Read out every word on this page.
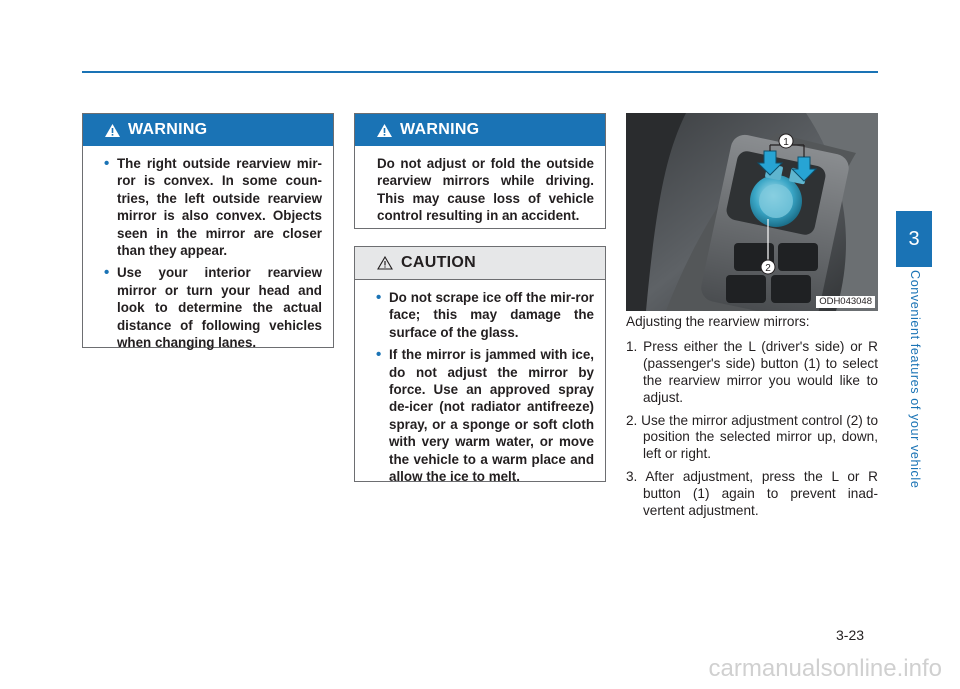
WARNING
• The right outside rearview mir-ror is convex. In some coun-tries, the left outside rearview mirror is also convex. Objects seen in the mirror are closer than they appear.
• Use your interior rearview mirror or turn your head and look to determine the actual distance of following vehicles when changing lanes.
WARNING
Do not adjust or fold the outside rearview mirrors while driving. This may cause loss of vehicle control resulting in an accident.
CAUTION
• Do not scrape ice off the mir-ror face; this may damage the surface of the glass.
• If the mirror is jammed with ice, do not adjust the mirror by force. Use an approved spray de-icer (not radiator antifreeze) spray, or a sponge or soft cloth with very warm water, or move the vehicle to a warm place and allow the ice to melt.
1
2
ODH043048

Adjusting the rearview mirrors:

1. Press either the L (driver's side) or R (passenger's side) button (1) to select the rearview mirror you would like to adjust.
2. Use the mirror adjustment control (2) to position the selected mirror up, down, left or right.
3. After adjustment, press the L or R button (1) again to prevent inad-vertent adjustment.
3
Convenient features of your vehicle
3-23
carmanualsonline.info
